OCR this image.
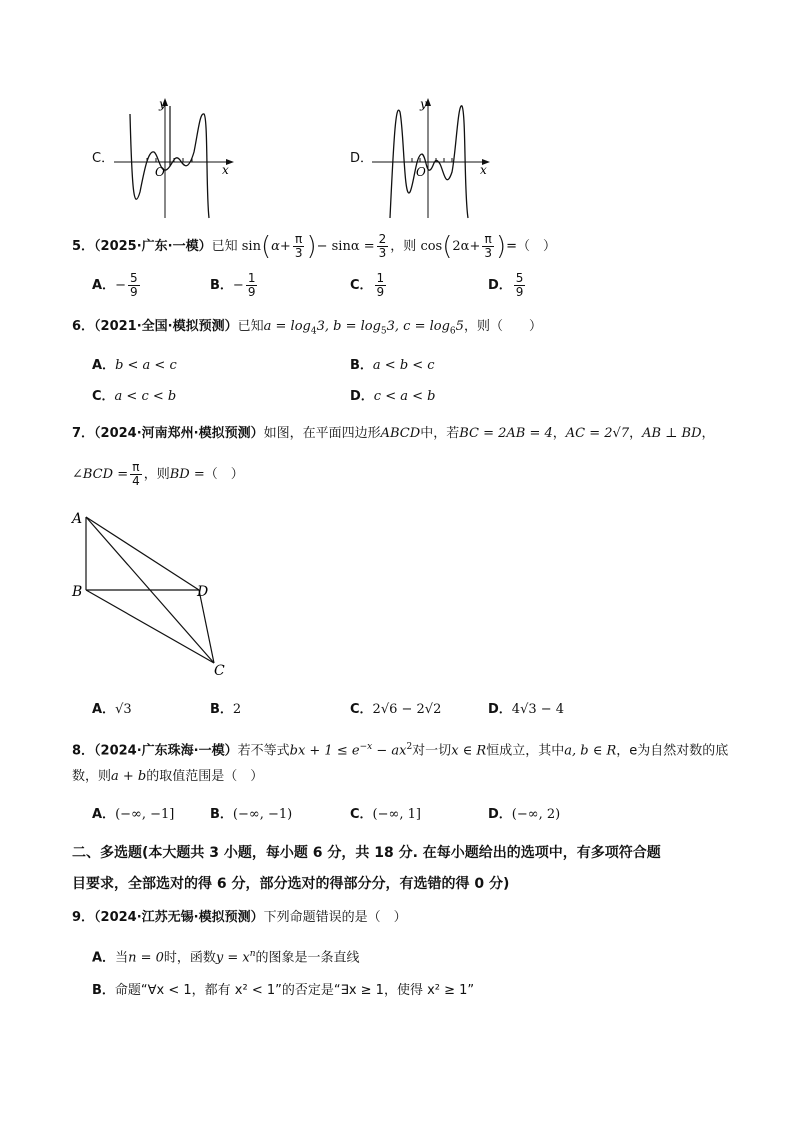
C．
y
x
O
D．
y
x
O
5．（2025·广东·一模）已知 $\sin(\alpha+ \frac{\pi}{3}$ )− $\sin\alpha = \frac{2}{3}$ ，则 $\cos(2\alpha+ \frac{\pi}{3}$ )=（　）
A．− $\frac{5}{9}$	B．− $\frac{1}{9}$	C． $\frac{1}{9}$	D． $\frac{5}{9}$
6．（2021·全国·模拟预测）已知$a = \log_43$, $b = \log_53$, $c = \log_65$，则（　　）
A．b < a < c	B．a < b < c
C．a < c < b	D．c < a < b
7．（2024·河南郑州·模拟预测）如图，在平面四边形ABCD中，若BC = 2AB = 4，AC = 2√7，AB ⊥ BD，
∠BCD = $\frac{\pi}{4}$ ，则BD =（　）
A
B	D
C
A．√3	B．2	C．2√6 − 2√2	D．4√3 − 4
8．（2024·广东珠海·一模）若不等式bx + $1 \le e^{-x} - ax^2$对一切x ∈ R恒成立，其中a, b ∈ R，e为自然对数的底
数，则a + b的取值范围是（　）
A．(−∞, −1]	B．(−∞, −1)	C．(−∞, 1]	D．(−∞, 2)
二、多选题(本大题共 3 小题，每小题 6 分，共 18 分. 在每小题给出的选项中，有多项符合题
目要求，全部选对的得 6 分，部分选对的得部分分，有选错的得 0 分)
9．（2024·江苏无锡·模拟预测）下列命题错误的是（　）
A．当n = 0时，函数$y = x^n$的图象是一条直线
B．命题“∀x < 1，都有 x² < 1”的否定是“∃x ≥ 1，使得 x² ≥ 1”
